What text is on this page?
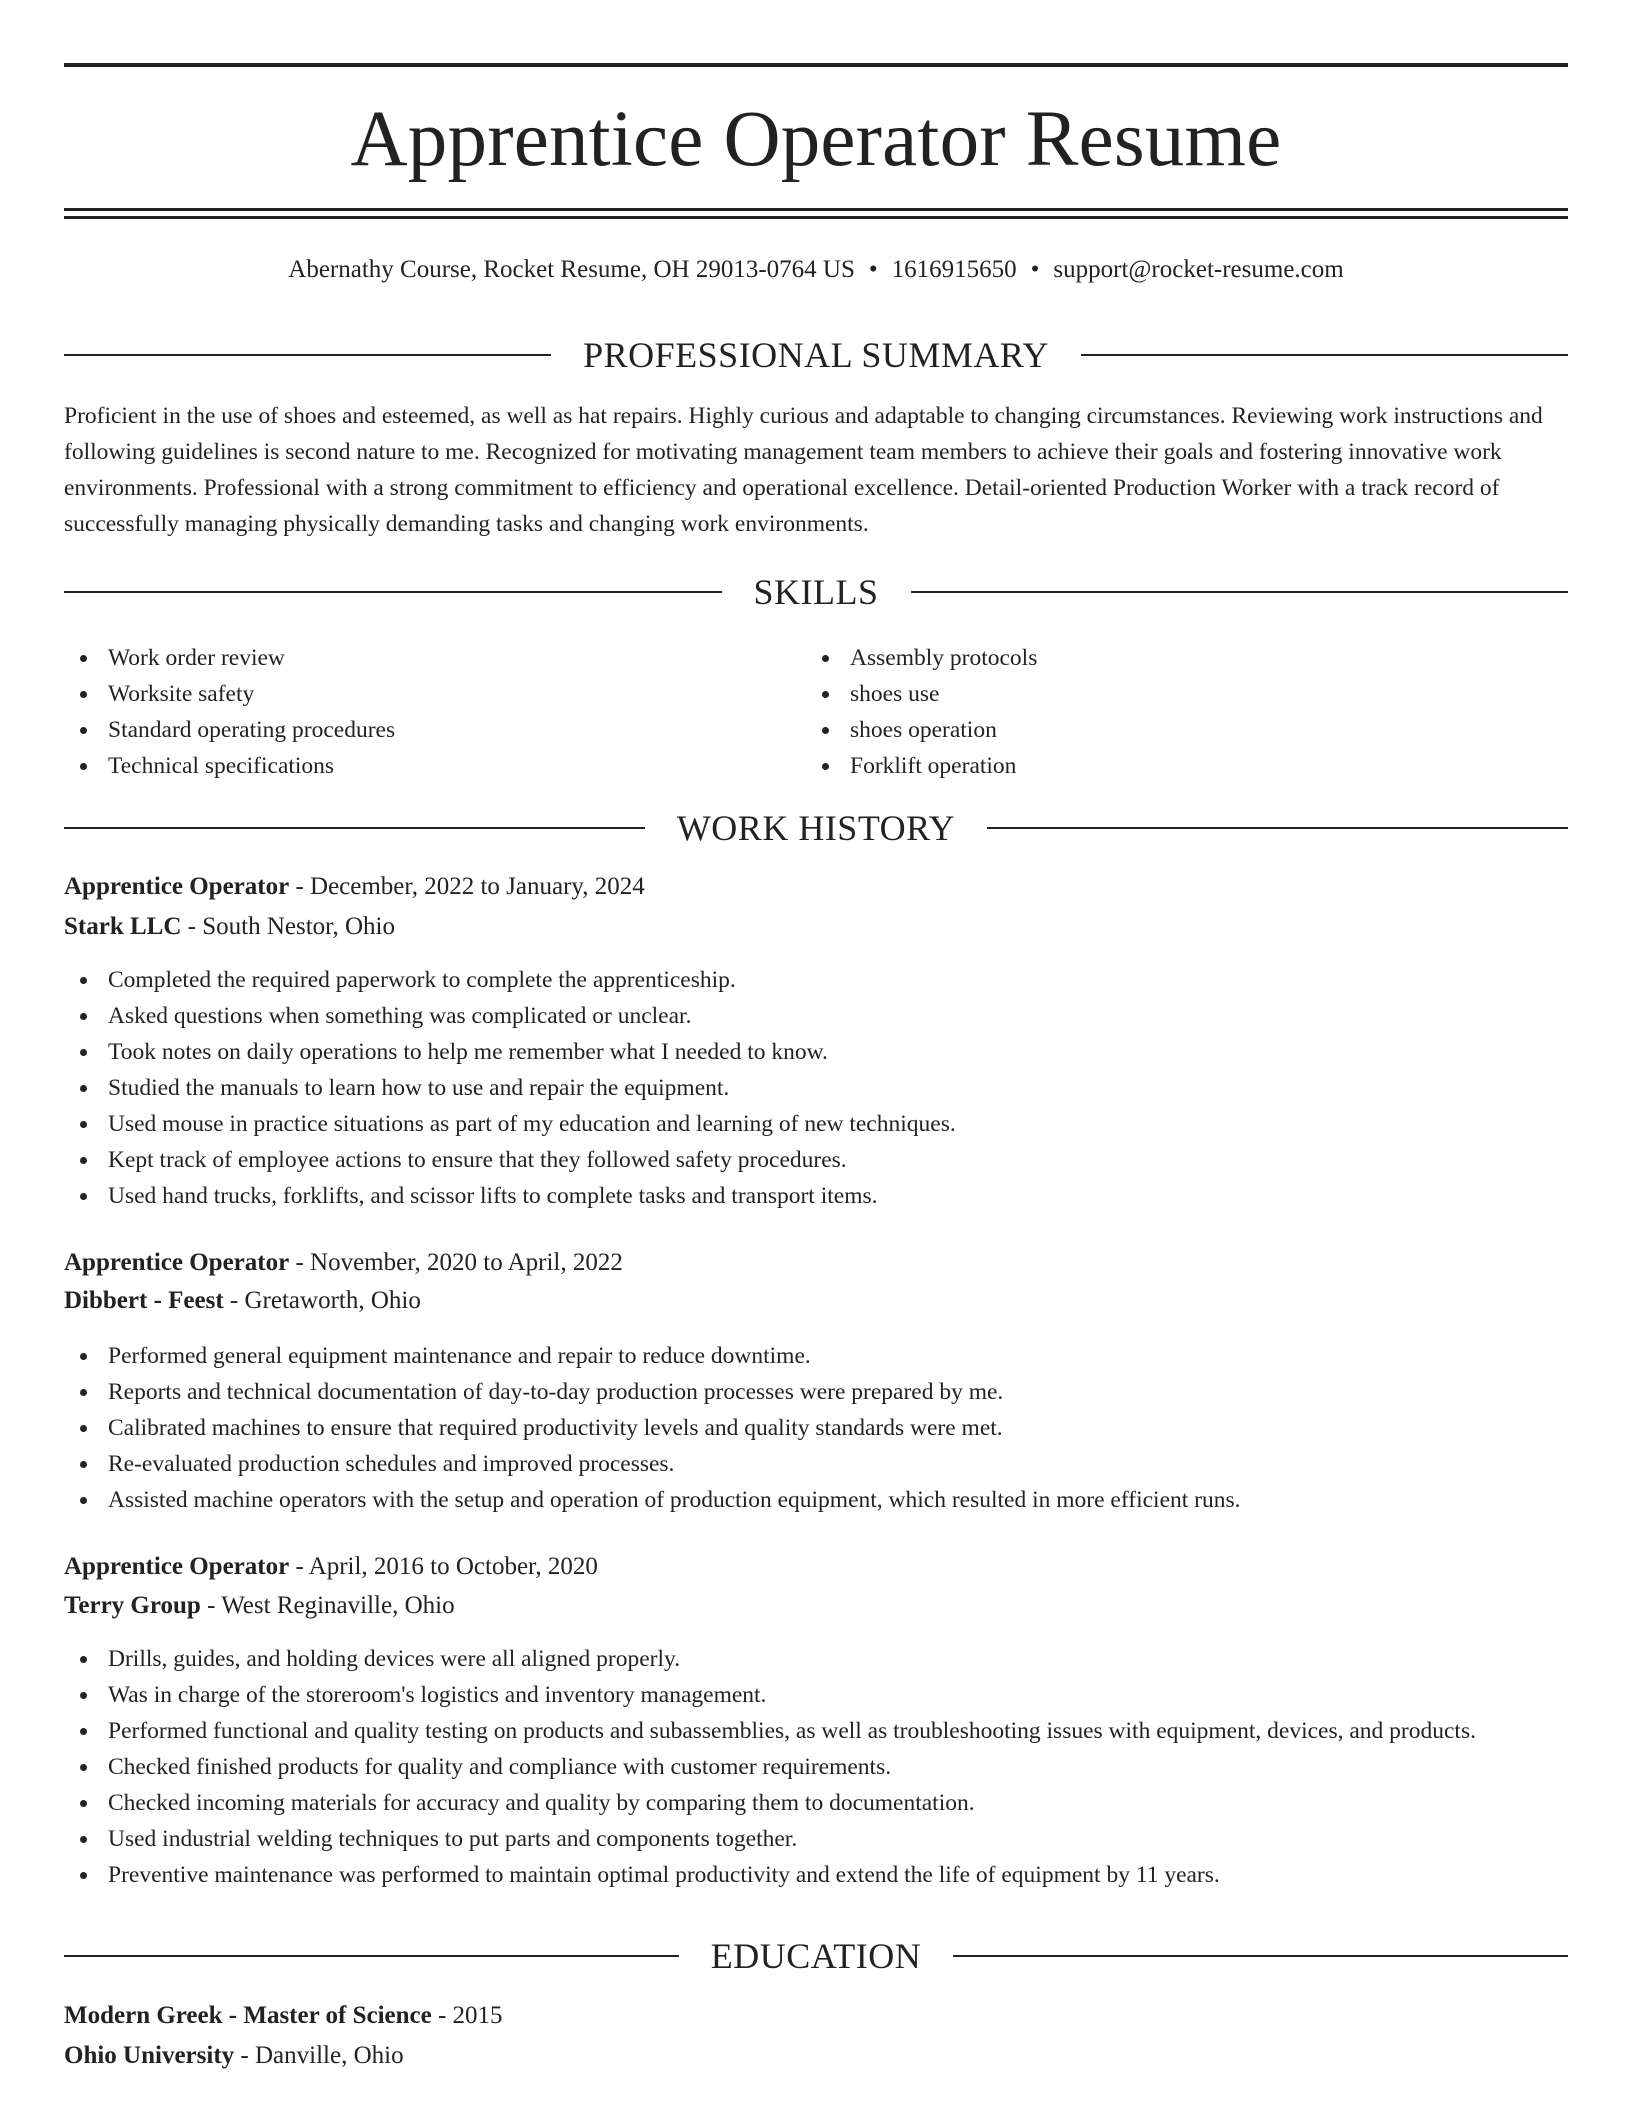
Apprentice Operator Resume
Abernathy Course, Rocket Resume, OH 29013-0764 US • 1616915650 • support@rocket-resume.com
PROFESSIONAL SUMMARY
Proficient in the use of shoes and esteemed, as well as hat repairs. Highly curious and adaptable to changing circumstances. Reviewing work instructions and following guidelines is second nature to me. Recognized for motivating management team members to achieve their goals and fostering innovative work environments. Professional with a strong commitment to efficiency and operational excellence. Detail-oriented Production Worker with a track record of successfully managing physically demanding tasks and changing work environments.
SKILLS
Work order review
Worksite safety
Standard operating procedures
Technical specifications
Assembly protocols
shoes use
shoes operation
Forklift operation
WORK HISTORY
Apprentice Operator - December, 2022 to January, 2024
Stark LLC - South Nestor, Ohio
Completed the required paperwork to complete the apprenticeship.
Asked questions when something was complicated or unclear.
Took notes on daily operations to help me remember what I needed to know.
Studied the manuals to learn how to use and repair the equipment.
Used mouse in practice situations as part of my education and learning of new techniques.
Kept track of employee actions to ensure that they followed safety procedures.
Used hand trucks, forklifts, and scissor lifts to complete tasks and transport items.
Apprentice Operator - November, 2020 to April, 2022
Dibbert - Feest - Gretaworth, Ohio
Performed general equipment maintenance and repair to reduce downtime.
Reports and technical documentation of day-to-day production processes were prepared by me.
Calibrated machines to ensure that required productivity levels and quality standards were met.
Re-evaluated production schedules and improved processes.
Assisted machine operators with the setup and operation of production equipment, which resulted in more efficient runs.
Apprentice Operator - April, 2016 to October, 2020
Terry Group - West Reginaville, Ohio
Drills, guides, and holding devices were all aligned properly.
Was in charge of the storeroom's logistics and inventory management.
Performed functional and quality testing on products and subassemblies, as well as troubleshooting issues with equipment, devices, and products.
Checked finished products for quality and compliance with customer requirements.
Checked incoming materials for accuracy and quality by comparing them to documentation.
Used industrial welding techniques to put parts and components together.
Preventive maintenance was performed to maintain optimal productivity and extend the life of equipment by 11 years.
EDUCATION
Modern Greek - Master of Science - 2015
Ohio University - Danville, Ohio
